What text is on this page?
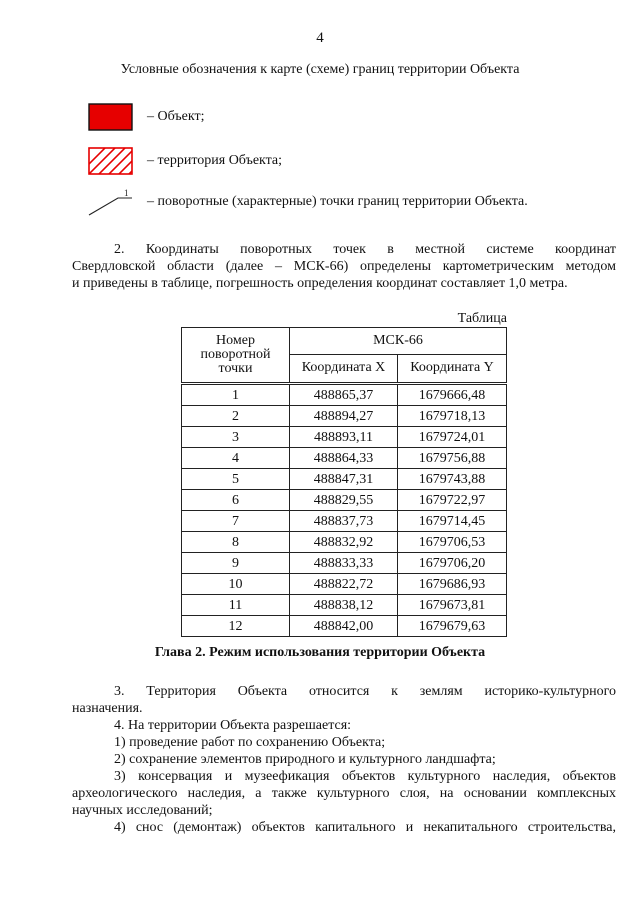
4
Условные обозначения к карте (схеме) границ территории Объекта
– Объект;
– территория Объекта;
1
– поворотные (характерные) точки границ территории Объекта.
2. Координаты поворотных точек в местной системе координат
Свердловской области (далее – МСК-66) определены картометрическим методом
и приведены в таблице, погрешность определения координат составляет 1,0 метра.
Таблица
Номер поворотной точки	МСК-66	
	Координата X	Координата Y
1	488865,37	1679666,48
2	488894,27	1679718,13
3	488893,11	1679724,01
4	488864,33	1679756,88
5	488847,31	1679743,88
6	488829,55	1679722,97
7	488837,73	1679714,45
8	488832,92	1679706,53
9	488833,33	1679706,20
10	488822,72	1679686,93
11	488838,12	1679673,81
12	488842,00	1679679,63
Глава 2. Режим использования территории Объекта
3. Территория Объекта относится к землям историко-культурного
назначения.
4. На территории Объекта разрешается:
1) проведение работ по сохранению Объекта;
2) сохранение элементов природного и культурного ландшафта;
3) консервация и музеефикация объектов культурного наследия, объектов
археологического наследия, а также культурного слоя, на основании комплексных
научных исследований;
4) снос (демонтаж) объектов капитального и некапитального строительства,
